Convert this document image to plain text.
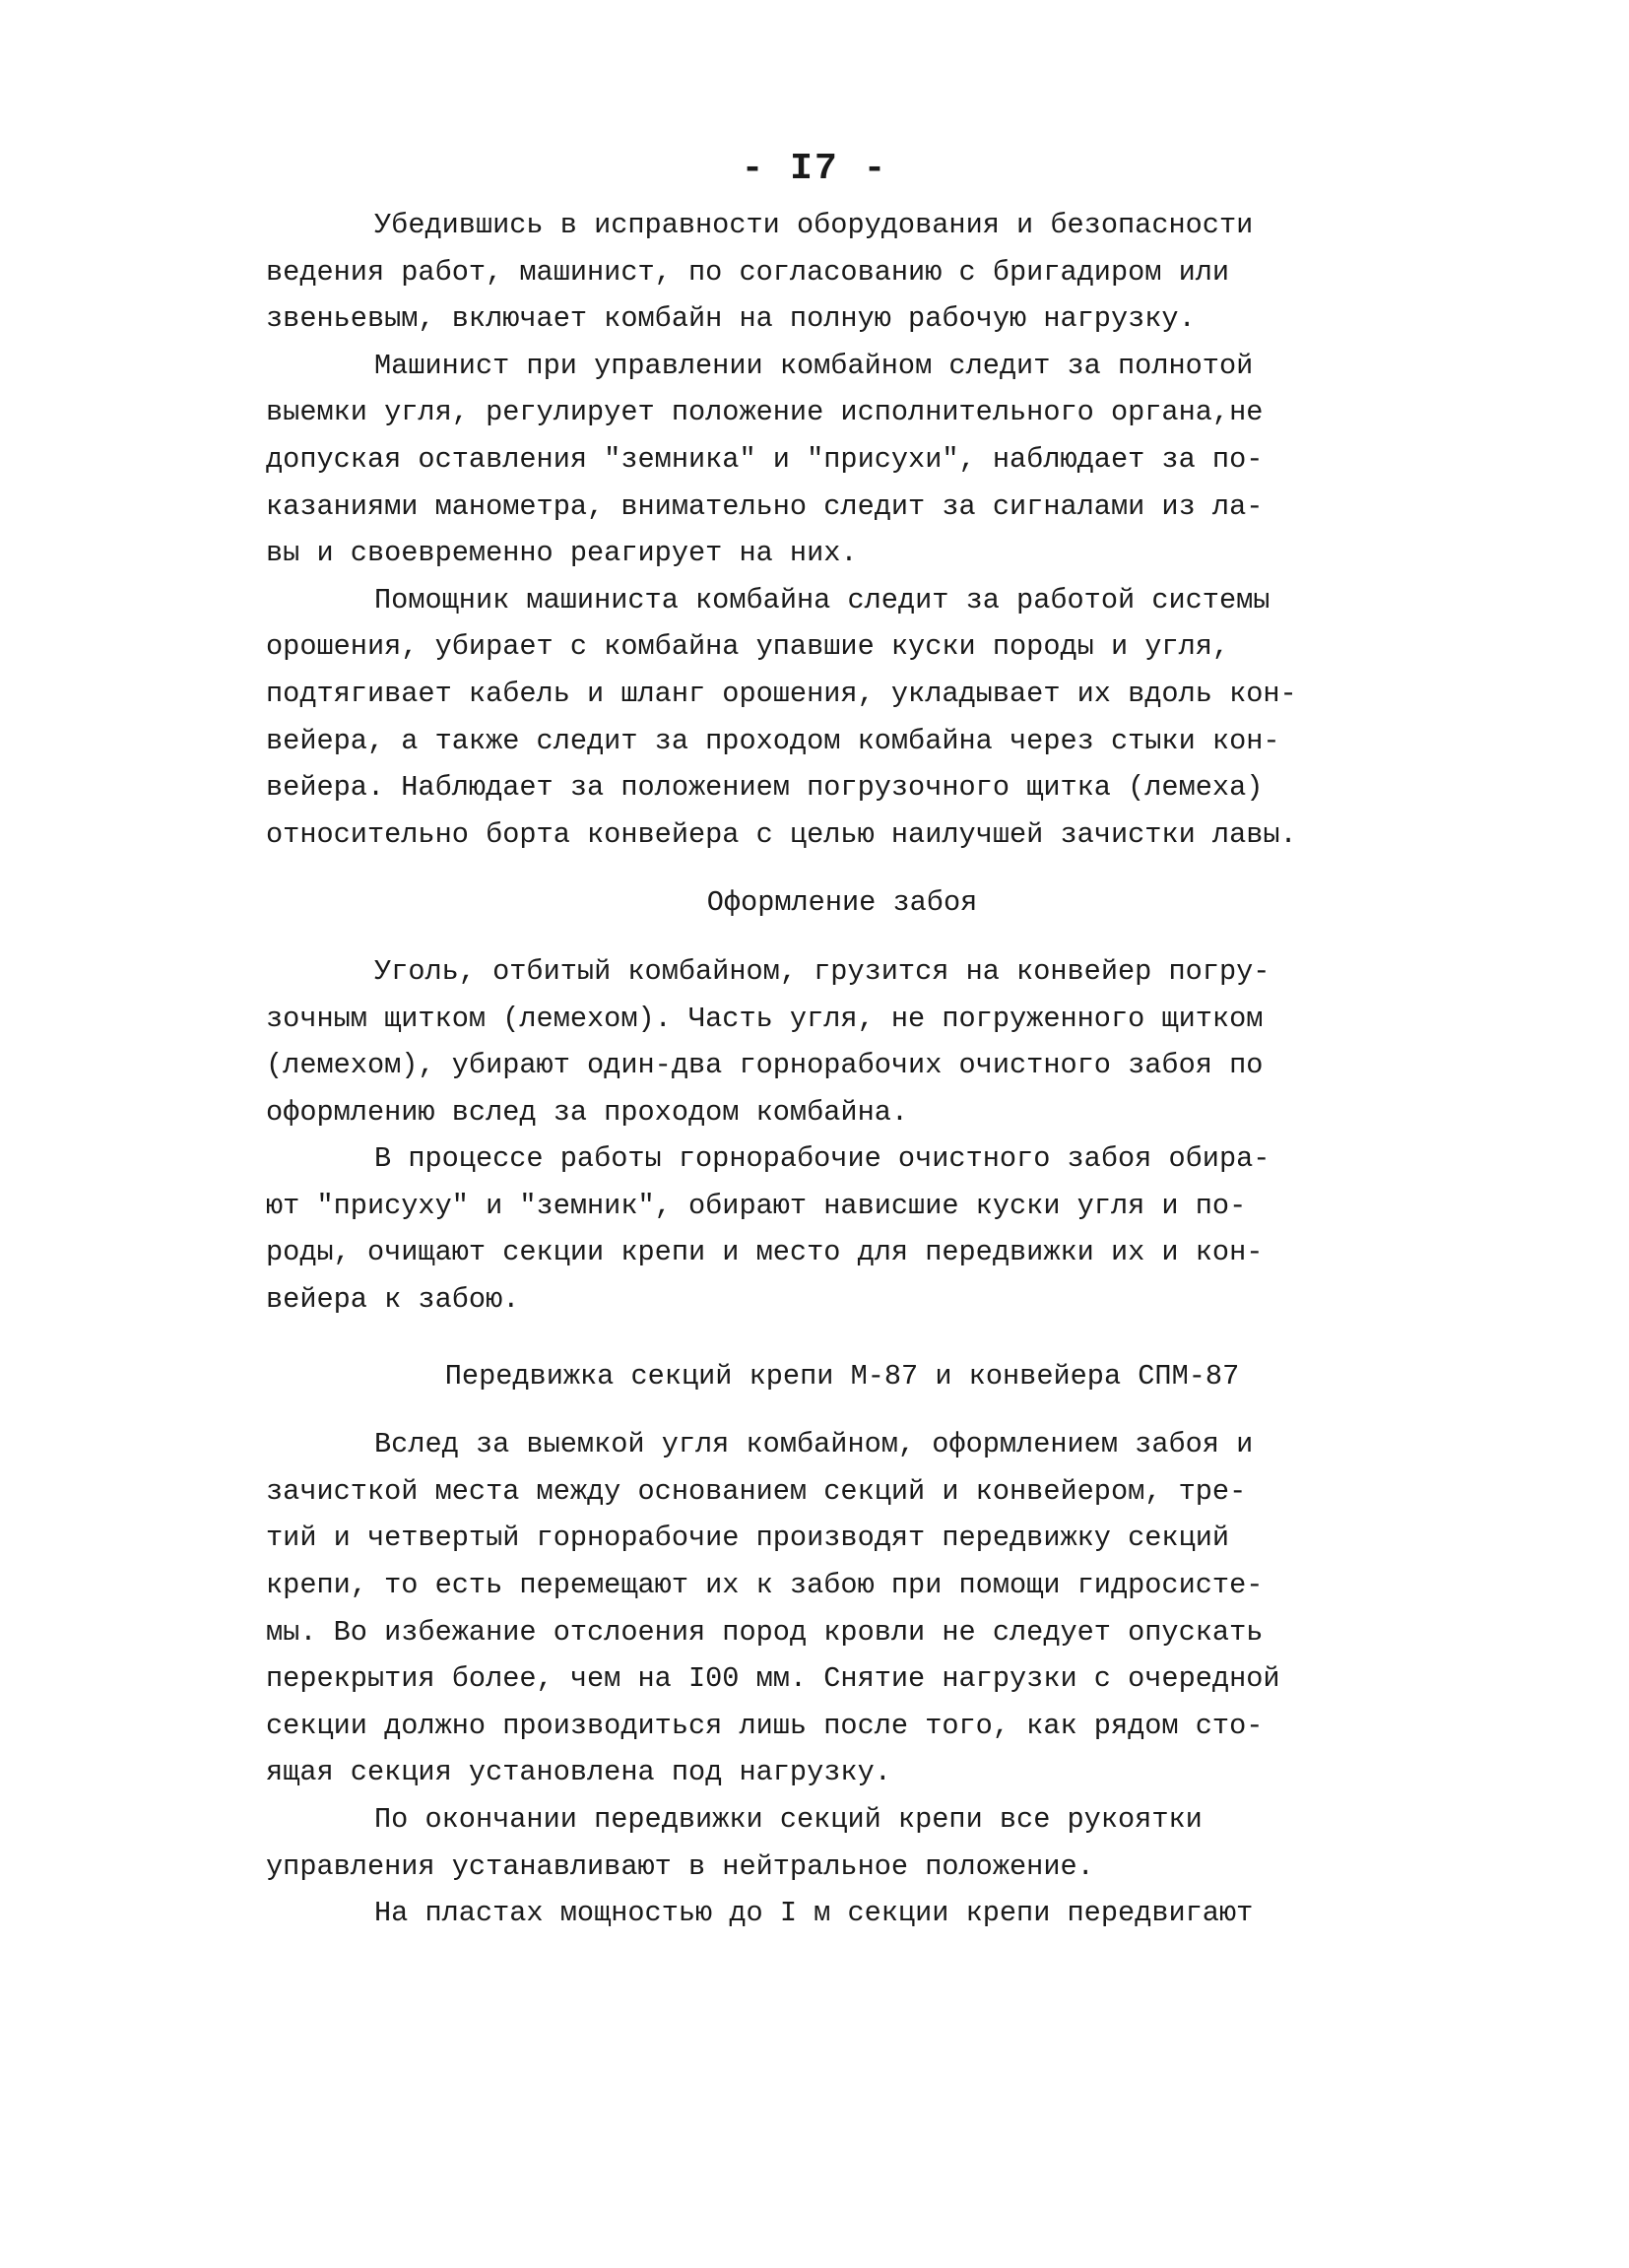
- I7 -
Убедившись в исправности оборудования и безопасности
ведения работ, машинист, по согласованию с бригадиром или
звеньевым, включает комбайн на полную рабочую нагрузку.
Машинист при управлении комбайном следит за полнотой
выемки угля, регулирует положение исполнительного органа,не
допуская оставления "земника" и "присухи", наблюдает за по-
казаниями манометра, внимательно следит за сигналами из ла-
вы и своевременно реагирует на них.
Помощник машиниста комбайна следит за работой системы
орошения, убирает с комбайна упавшие куски породы и угля,
подтягивает кабель и шланг орошения, укладывает их вдоль кон-
вейера, а также следит за проходом комбайна через стыки кон-
вейера. Наблюдает за положением погрузочного щитка (лемеха)
относительно борта конвейера с целью наилучшей зачистки лавы.
Оформление забоя
Уголь, отбитый комбайном, грузится на конвейер погру-
зочным щитком (лемехом). Часть угля, не погруженного щитком
(лемехом), убирают один-два горнорабочих очистного забоя по
оформлению вслед за проходом комбайна.
В процессе работы горнорабочие очистного забоя обира-
ют "присуху" и "земник", обирают нависшие куски угля и по-
роды, очищают секции крепи и место для передвижки их и кон-
вейера к забою.
Передвижка секций крепи М-87 и конвейера СПМ-87
Вслед за выемкой угля комбайном, оформлением забоя и
зачисткой места между основанием секций и конвейером, тре-
тий и четвертый горнорабочие производят передвижку секций
крепи, то есть перемещают их к забою при помощи гидросисте-
мы. Во избежание отслоения пород кровли не следует опускать
перекрытия более, чем на I00 мм. Снятие нагрузки с очередной
секции должно производиться лишь после того, как рядом сто-
ящая секция установлена под нагрузку.
По окончании передвижки секций крепи все рукоятки
управления устанавливают в нейтральное положение.
На пластах мощностью до I м секции крепи передвигают
